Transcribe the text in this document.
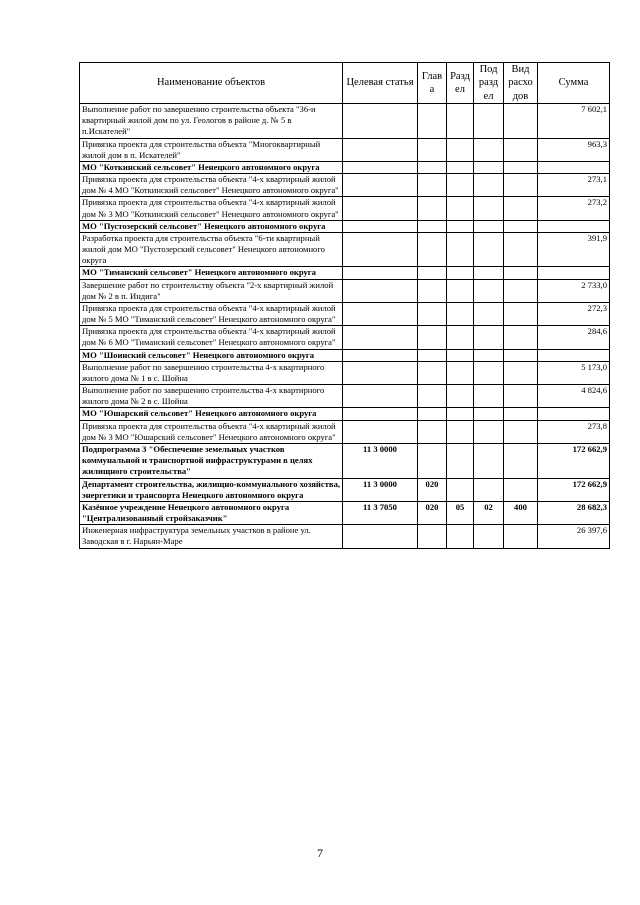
Наименование объектов	Целевая статья	Глав а	Разд ел	Под разд ел	Вид расхо дов	Сумма
Выполнение работ по завершению строительства объекта "36-и квартирный жилой дом по ул. Геологов в районе д. № 5 в п.Искателей"						7 602,1
Привязка проекта для строительства объекта "Многоквартирный жилой дом в п. Искателей"						963,3
МО "Коткинский сельсовет" Ненецкого автономного округа						
Привязка проекта для строительства объекта "4-х квартирный жилой дом № 4 МО "Коткинский сельсовет" Ненецкого автономного округа"						273,1
Привязка проекта для строительства объекта "4-х квартирный жилой дом № 3 МО "Коткинский сельсовет" Ненецкого автономного округа"						273,2
МО "Пустозерский сельсовет" Ненецкого автономного округа						
Разработка проекта для строительства объекта "6-ти квартирный жилой дом МО "Пустозерский сельсовет" Ненецкого автономного округа						391,9
МО "Тиманский сельсовет" Ненецкого автономного округа						
Завершение работ по строительству объекта "2-х квартирный жилой дом № 2 в п. Индига"						2 733,0
Привязка проекта для строительства объекта "4-х квартирный жилой дом № 5 МО "Тиманский сельсовет" Ненецкого автономного округа"						272,3
Привязка проекта для строительства объекта "4-х квартирный жилой дом № 6 МО "Тиманский сельсовет" Ненецкого автономного округа"						284,6
МО "Шоинский сельсовет" Ненецкого автономного округа						
Выполнение работ по завершению строительства 4-х квартирного жилого дома № 1 в с. Шойна						5 173,0
Выполнение работ по завершению строительства 4-х квартирного жилого дома № 2 в с. Шойна						4 824,6
МО "Юшарский сельсовет" Ненецкого автономного округа						
Привязка проекта для строительства объекта "4-х квартирный жилой дом № 3 МО "Юшарский сельсовет" Ненецкого автономного округа"						273,8
Подпрограмма 3 "Обеспечение земельных участков коммунальной и транспортной инфраструктурами в целях жилищного строительства"	11 3 0000					172 662,9
Департамент строительства, жилищно-коммунального хозяйства, энергетики и транспорта Ненецкого автономного округа	11 3 0000	020				172 662,9
Казённое учреждение Ненецкого автономного округа "Централизованный стройзаказчик"	11 3 7050	020	05	02	400	28 682,3
Инженерная инфраструктура земельных участков в районе ул. Заводская в г. Нарьян-Маре						26 397,6
7
